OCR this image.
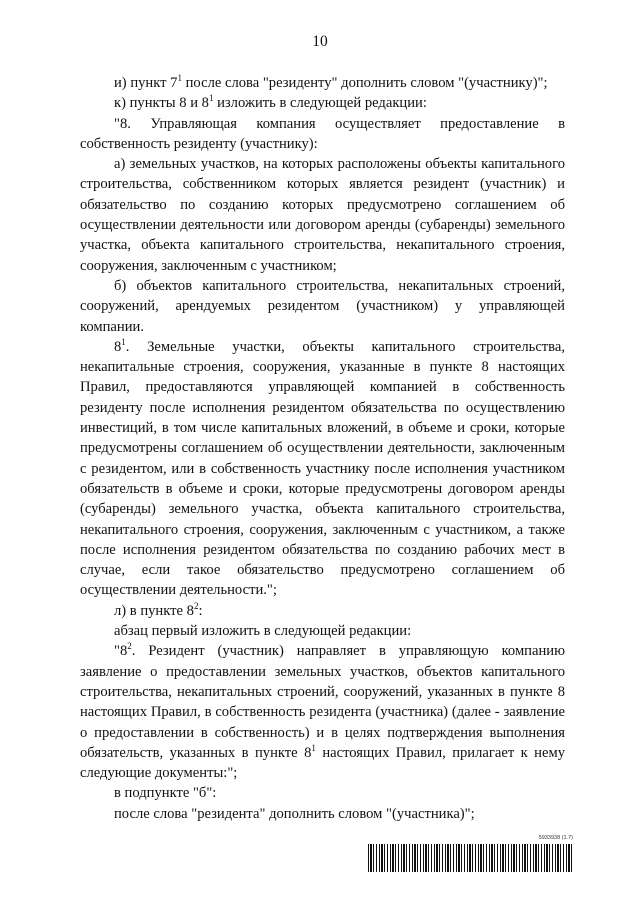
10

и) пункт $7^1$ после слова "резиденту" дополнить словом "(участнику)";

к) пункты 8 и $8^1$ изложить в следующей редакции:

"8. Управляющая компания осуществляет предоставление в собственность резиденту (участнику):

а) земельных участков, на которых расположены объекты капитального строительства, собственником которых является резидент (участник) и обязательство по созданию которых предусмотрено соглашением об осуществлении деятельности или договором аренды (субаренды) земельного участка, объекта капитального строительства, некапитального строения, сооружения, заключенным с участником;

б) объектов капитального строительства, некапитальных строений, сооружений, арендуемых резидентом (участником) у управляющей компании.

$8^1$. Земельные участки, объекты капитального строительства, некапитальные строения, сооружения, указанные в пункте 8 настоящих Правил, предоставляются управляющей компанией в собственность резиденту после исполнения резидентом обязательства по осуществлению инвестиций, в том числе капитальных вложений, в объеме и сроки, которые предусмотрены соглашением об осуществлении деятельности, заключенным с резидентом, или в собственность участнику после исполнения участником обязательств в объеме и сроки, которые предусмотрены договором аренды (субаренды) земельного участка, объекта капитального строительства, некапитального строения, сооружения, заключенным с участником, а также после исполнения резидентом обязательства по созданию рабочих мест в случае, если такое обязательство предусмотрено соглашением об осуществлении деятельности.";

л) в пункте $8^2$:

абзац первый изложить в следующей редакции:

"$8^2$. Резидент (участник) направляет в управляющую компанию заявление о предоставлении земельных участков, объектов капитального строительства, некапитальных строений, сооружений, указанных в пункте 8 настоящих Правил, в собственность резидента (участника) (далее - заявление о предоставлении в собственность) и в целях подтверждения выполнения обязательств, указанных в пункте $8^1$ настоящих Правил, прилагает к нему следующие документы:";

в подпункте "б":

после слова "резидента" дополнить словом "(участника)";

5933938 (1.7)
